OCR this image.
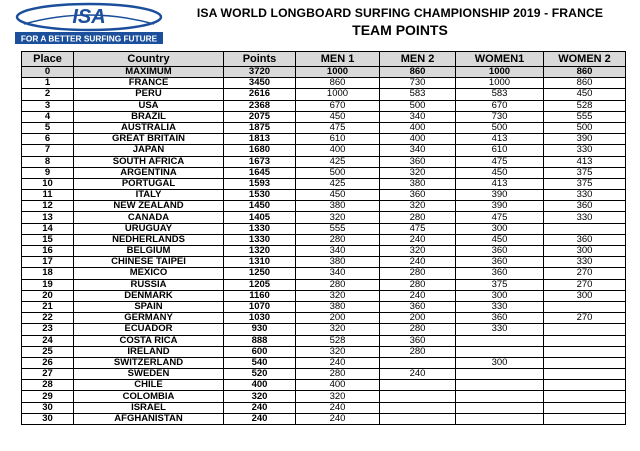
ISA
FOR A BETTER SURFING FUTURE
ISA WORLD LONGBOARD SURFING CHAMPIONSHIP 2019 - FRANCE
TEAM POINTS
Place	Country	Points	MEN 1	MEN 2	WOMEN1	WOMEN 2
0	MAXIMUM	3720	1000	860	1000	860
1	FRANCE	3450	860	730	1000	860
2	PERU	2616	1000	583	583	450
3	USA	2368	670	500	670	528
4	BRAZIL	2075	450	340	730	555
5	AUSTRALIA	1875	475	400	500	500
6	GREAT BRITAIN	1813	610	400	413	390
7	JAPAN	1680	400	340	610	330
8	SOUTH AFRICA	1673	425	360	475	413
9	ARGENTINA	1645	500	320	450	375
10	PORTUGAL	1593	425	380	413	375
11	ITALY	1530	450	360	390	330
12	NEW ZEALAND	1450	380	320	390	360
13	CANADA	1405	320	280	475	330
14	URUGUAY	1330	555	475	300	
15	NEDHERLANDS	1330	280	240	450	360
16	BELGIUM	1320	340	320	360	300
17	CHINESE TAIPEI	1310	380	240	360	330
18	MEXICO	1250	340	280	360	270
19	RUSSIA	1205	280	280	375	270
20	DENMARK	1160	320	240	300	300
21	SPAIN	1070	380	360	330	
22	GERMANY	1030	200	200	360	270
23	ECUADOR	930	320	280	330	
24	COSTA RICA	888	528	360		
25	IRELAND	600	320	280		
26	SWITZERLAND	540	240		300	
27	SWEDEN	520	280	240		
28	CHILE	400	400			
29	COLOMBIA	320	320			
30	ISRAEL	240	240			
30	AFGHANISTAN	240	240			
